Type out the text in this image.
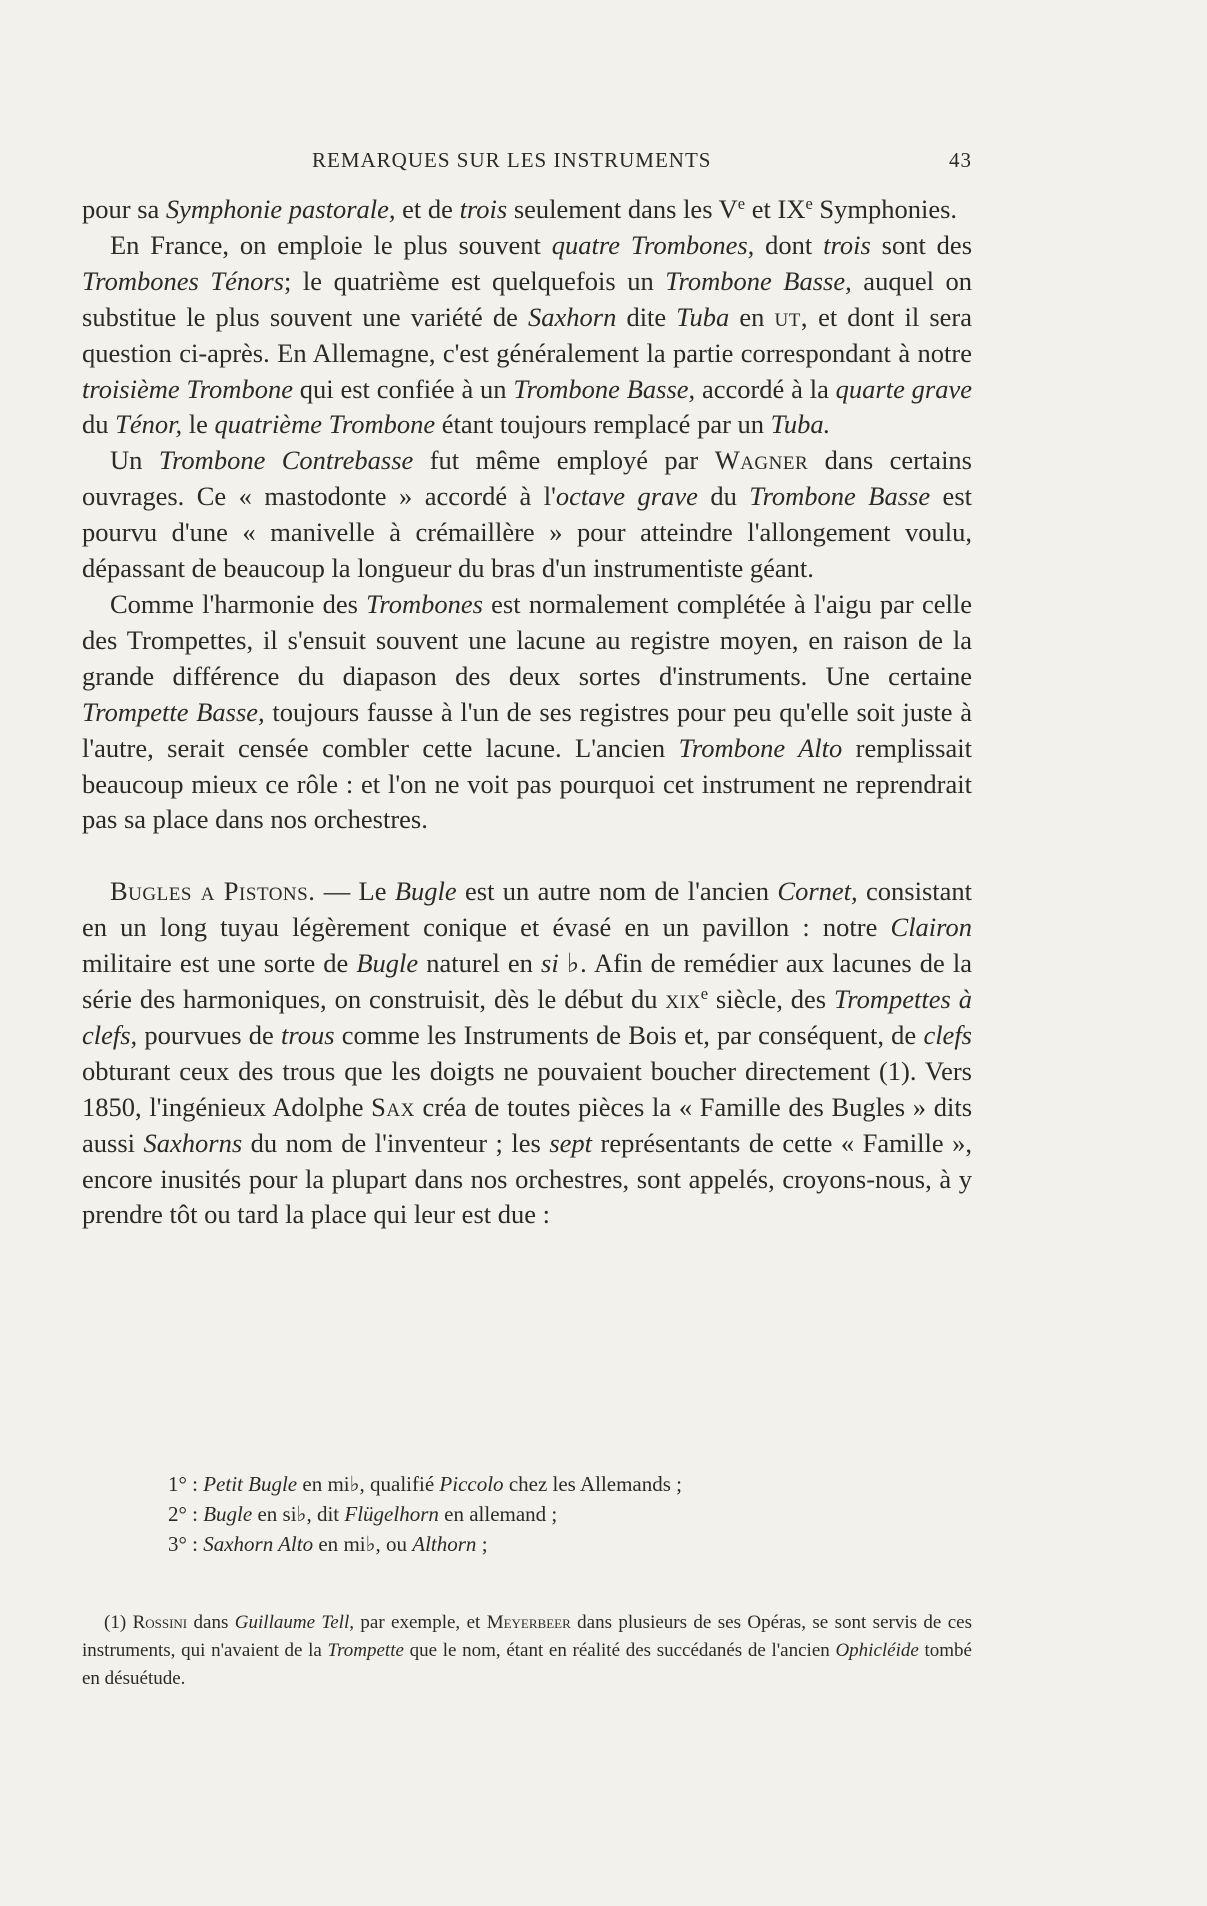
REMARQUES SUR LES INSTRUMENTS	43

pour sa Symphonie pastorale, et de trois seulement dans les Ve et IXe Symphonies.

En France, on emploie le plus souvent quatre Trombones, dont trois sont des Trombones Ténors; le quatrième est quelquefois un Trombone Basse, auquel on substitue le plus souvent une variété de Saxhorn dite Tuba en ut, et dont il sera question ci-après. En Allemagne, c'est généralement la partie correspondant à notre troisième Trombone qui est confiée à un Trombone Basse, accordé à la quarte grave du Ténor, le quatrième Trombone étant toujours remplacé par un Tuba.

Un Trombone Contrebasse fut même employé par Wagner dans certains ouvrages. Ce « mastodonte » accordé à l'octave grave du Trombone Basse est pourvu d'une « manivelle à crémaillère » pour atteindre l'allongement voulu, dépassant de beaucoup la longueur du bras d'un instrumentiste géant.

Comme l'harmonie des Trombones est normalement complétée à l'aigu par celle des Trompettes, il s'ensuit souvent une lacune au registre moyen, en raison de la grande différence du diapason des deux sortes d'instruments. Une certaine Trompette Basse, toujours fausse à l'un de ses registres pour peu qu'elle soit juste à l'autre, serait censée combler cette lacune. L'ancien Trombone Alto remplissait beaucoup mieux ce rôle : et l'on ne voit pas pourquoi cet instrument ne reprendrait pas sa place dans nos orchestres.

Bugles a Pistons. — Le Bugle est un autre nom de l'ancien Cornet, consistant en un long tuyau légèrement conique et évasé en un pavillon : notre Clairon militaire est une sorte de Bugle naturel en si ♭. Afin de remédier aux lacunes de la série des harmoniques, on construisit, dès le début du xix$^e$ siècle, des Trompettes à clefs, pourvues de trous comme les Instruments de Bois et, par conséquent, de clefs obturant ceux des trous que les doigts ne pouvaient boucher directement (1). Vers 1850, l'ingénieux Adolphe Sax créa de toutes pièces la « Famille des Bugles » dits aussi Saxhorns du nom de l'inventeur ; les sept représentants de cette « Famille », encore inusités pour la plupart dans nos orchestres, sont appelés, croyons-nous, à y prendre tôt ou tard la place qui leur est due :

1° : Petit Bugle en mi♭, qualifié Piccolo chez les Allemands ;
2° : Bugle en si♭, dit Flügelhorn en allemand ;
3° : Saxhorn Alto en mi♭, ou Althorn ;

(1) Rossini dans Guillaume Tell, par exemple, et Meyerbeer dans plusieurs de ses Opéras, se sont servis de ces instruments, qui n'avaient de la Trompette que le nom, étant en réalité des succédanés de l'ancien Ophicléide tombé en désuétude.
